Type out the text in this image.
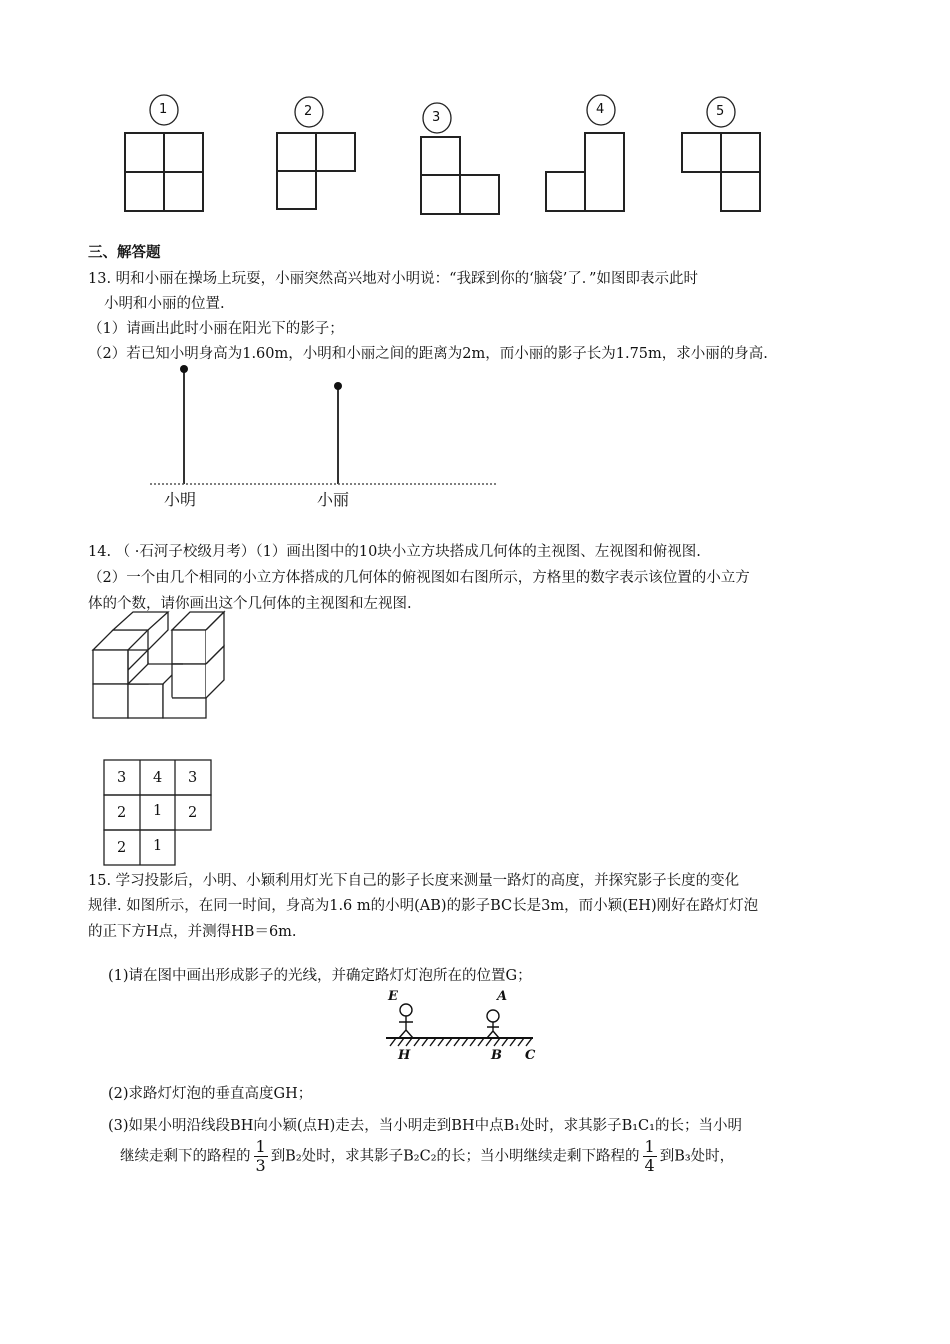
1	2	3
4	5
三、解答题
13. 明和小丽在操场上玩耍，小丽突然高兴地对小明说：“我踩到你的‘脑袋’了．”如图即表示此时
小明和小丽的位置.
（1）请画出此时小丽在阳光下的影子；
（2）若已知小明身高为1.60m，小明和小丽之间的距离为2m，而小丽的影子长为1.75m，求小丽的身高.
小明	小丽
14. （ ·石河子校级月考）（1）画出图中的10块小立方块搭成几何体的主视图、左视图和俯视图.
（2）一个由几个相同的小立方体搭成的几何体的俯视图如右图所示，方格里的数字表示该位置的小立方
体的个数，请你画出这个几何体的主视图和左视图.
3 4 3
2 1 2
2 1
15. 学习投影后，小明、小颖利用灯光下自己的影子长度来测量一路灯的高度，并探究影子长度的变化
规律. 如图所示，在同一时间，身高为1.6 m的小明(AB)的影子BC长是3m，而小颖(EH)刚好在路灯灯泡
的正下方H点，并测得HB＝6m.
(1)请在图中画出形成影子的光线，并确定路灯灯泡所在的位置G；
E	A
H	B C
(2)求路灯灯泡的垂直高度GH；
(3)如果小明沿线段BH向小颖(点H)走去，当小明走到BH中点B₁处时，求其影子B₁C₁的长；当小明
继续走剩下的路程的 $\frac{1}{3}$ 到B₂处时，求其影子B₂C₂的长；当小明继续走剩下路程的 $\frac{1}{4}$ 到B₃处时，
